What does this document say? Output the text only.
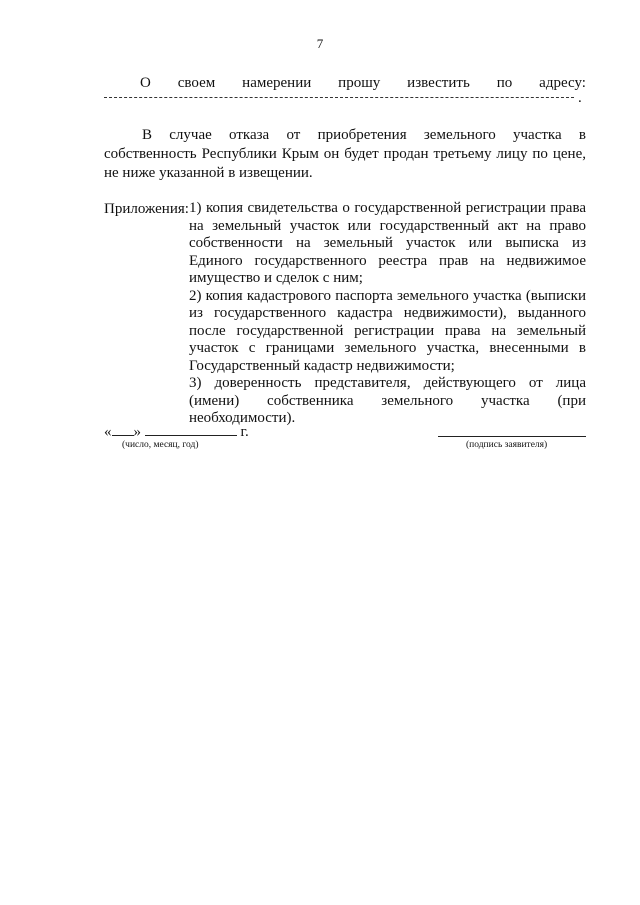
7
О своем намерении прошу известить по адресу:
.

В случае отказа от приобретения земельного участка в собственность Республики Крым он будет продан третьему лицу по цене, не ниже указанной в извещении.

Приложения: 1) копия свидетельства о государственной регистрации права на земельный участок или государственный акт на право собственности на земельный участок или выписка из Единого государственного реестра прав на недвижимое имущество и сделок с ним;
2) копия кадастрового паспорта земельного участка (выписки из государственного кадастра недвижимости), выданного после государственной регистрации права на земельный участок с границами земельного участка, внесенными в Государственный кадастр недвижимости;
3) доверенность представителя, действующего от лица (имени) собственника земельного участка (при необходимости).
« »	г.
(число, месяц, год)	(подпись заявителя)
